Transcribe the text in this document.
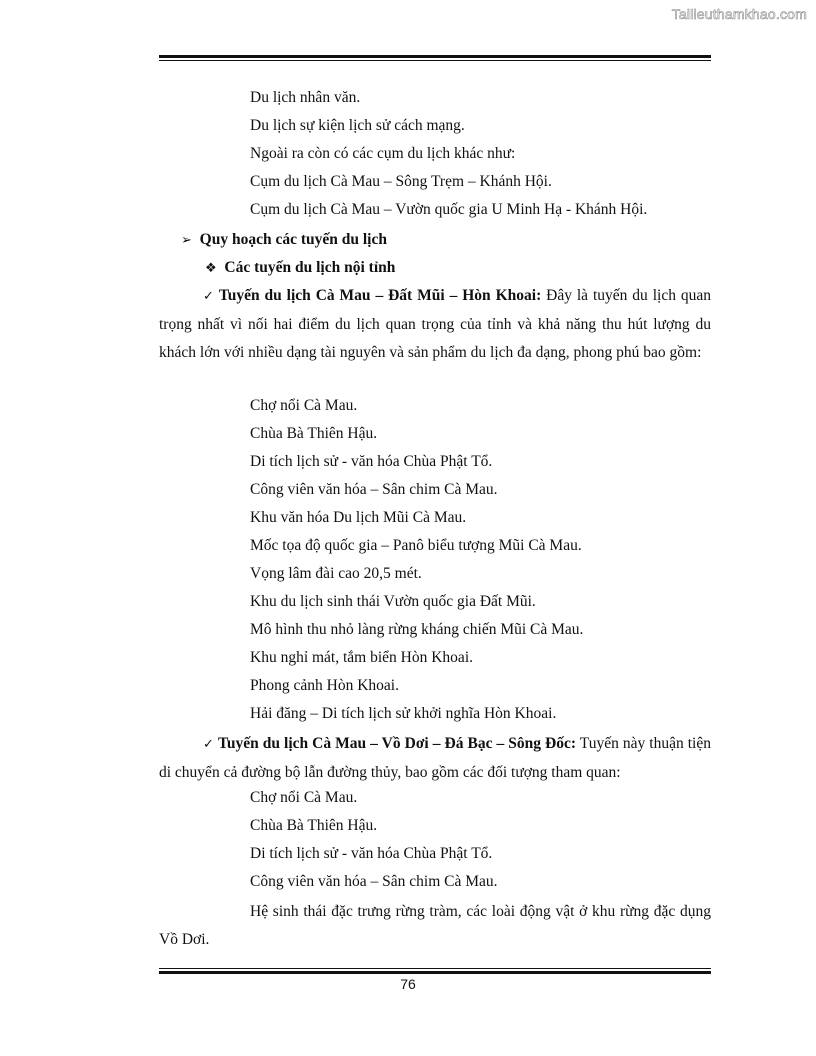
Tailieuthamkhao.com
Du lịch nhân văn.
Du lịch sự kiện lịch sử cách mạng.
Ngoài ra còn có các cụm du lịch khác như:
Cụm du lịch Cà Mau – Sông Trẹm – Khánh Hội.
Cụm du lịch Cà Mau – Vườn quốc gia U Minh Hạ - Khánh Hội.
➢ Quy hoạch các tuyến du lịch
❖ Các tuyến du lịch nội tỉnh
✓ Tuyến du lịch Cà Mau – Đất Mũi – Hòn Khoai: Đây là tuyến du lịch quan trọng nhất vì nối hai điểm du lịch quan trọng của tỉnh và khả năng thu hút lượng du khách lớn với nhiều dạng tài nguyên và sản phẩm du lịch đa dạng, phong phú bao gồm:
Chợ nổi Cà Mau.
Chùa Bà Thiên Hậu.
Di tích lịch sử - văn hóa Chùa Phật Tổ.
Công viên văn hóa – Sân chim Cà Mau.
Khu văn hóa Du lịch Mũi Cà Mau.
Mốc tọa độ quốc gia – Panô biểu tượng Mũi Cà Mau.
Vọng lâm đài cao 20,5 mét.
Khu du lịch sinh thái Vườn quốc gia Đất Mũi.
Mô hình thu nhỏ làng rừng kháng chiến Mũi Cà Mau.
Khu nghỉ mát, tắm biển Hòn Khoai.
Phong cảnh Hòn Khoai.
Hải đăng – Di tích lịch sử khởi nghĩa Hòn Khoai.
✓ Tuyến du lịch Cà Mau – Vồ Dơi – Đá Bạc – Sông Đốc: Tuyến này thuận tiện di chuyển cả đường bộ lẫn đường thủy, bao gồm các đối tượng tham quan:
Chợ nổi Cà Mau.
Chùa Bà Thiên Hậu.
Di tích lịch sử - văn hóa Chùa Phật Tổ.
Công viên văn hóa – Sân chim Cà Mau.
Hệ sinh thái đặc trưng rừng tràm, các loài động vật ở khu rừng đặc dụng Vồ Dơi.
76
